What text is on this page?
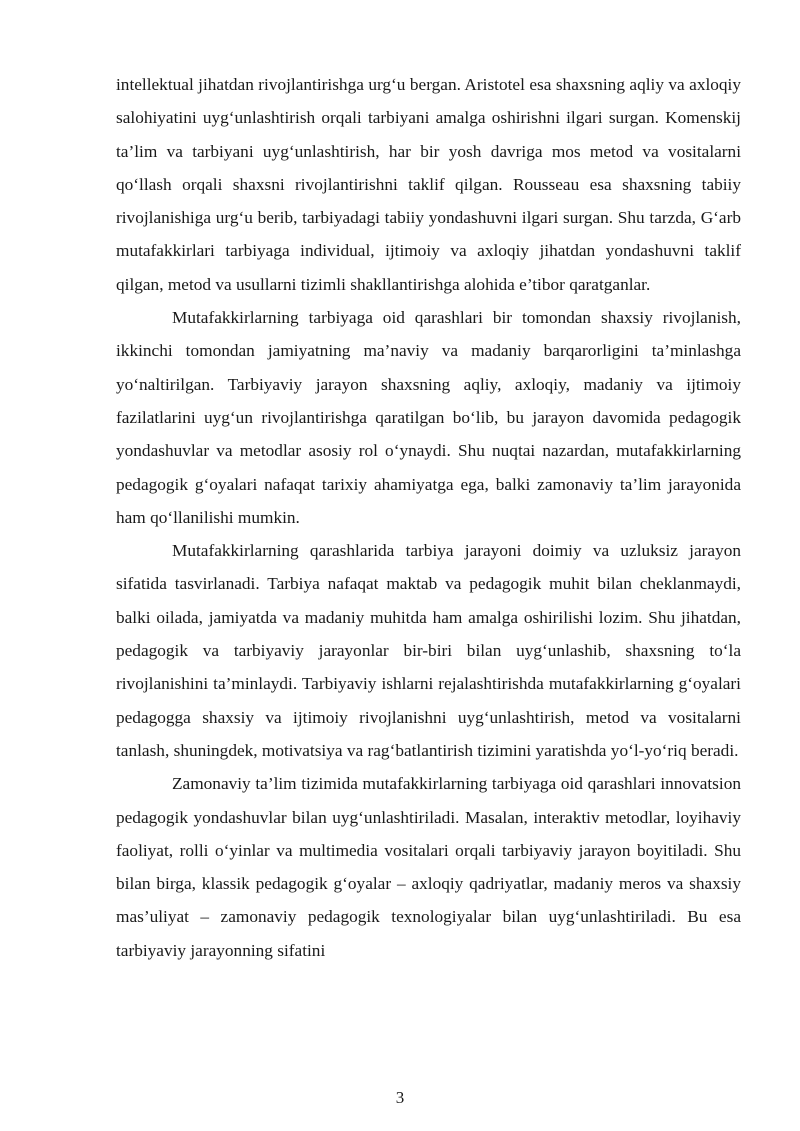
intellektual jihatdan rivojlantirishga urg‘u bergan. Aristotel esa shaxsning aqliy va axloqiy salohiyatini uyg‘unlashtirish orqali tarbiyani amalga oshirishni ilgari surgan. Komenskij ta’lim va tarbiyani uyg‘unlashtirish, har bir yosh davriga mos metod va vositalarni qo‘llash orqali shaxsni rivojlantirishni taklif qilgan. Rousseau esa shaxsning tabiiy rivojlanishiga urg‘u berib, tarbiyadagi tabiiy yondashuvni ilgari surgan. Shu tarzda, G‘arb mutafakkirlari tarbiyaga individual, ijtimoiy va axloqiy jihatdan yondashuvni taklif qilgan, metod va usullarni tizimli shakllantirishga alohida e’tibor qaratganlar.

Mutafakkirlarning tarbiyaga oid qarashlari bir tomondan shaxsiy rivojlanish, ikkinchi tomondan jamiyatning ma’naviy va madaniy barqarorligini ta’minlashga yo‘naltirilgan. Tarbiyaviy jarayon shaxsning aqliy, axloqiy, madaniy va ijtimoiy fazilatlarini uyg‘un rivojlantirishga qaratilgan bo‘lib, bu jarayon davomida pedagogik yondashuvlar va metodlar asosiy rol o‘ynaydi. Shu nuqtai nazardan, mutafakkirlarning pedagogik g‘oyalari nafaqat tarixiy ahamiyatga ega, balki zamonaviy ta’lim jarayonida ham qo‘llanilishi mumkin.

Mutafakkirlarning qarashlarida tarbiya jarayoni doimiy va uzluksiz jarayon sifatida tasvirlanadi. Tarbiya nafaqat maktab va pedagogik muhit bilan cheklanmaydi, balki oilada, jamiyatda va madaniy muhitda ham amalga oshirilishi lozim. Shu jihatdan, pedagogik va tarbiyaviy jarayonlar bir-biri bilan uyg‘unlashib, shaxsning to‘la rivojlanishini ta’minlaydi. Tarbiyaviy ishlarni rejalashtirishda mutafakkirlarning g‘oyalari pedagogga shaxsiy va ijtimoiy rivojlanishni uyg‘unlashtirish, metod va vositalarni tanlash, shuningdek, motivatsiya va rag‘batlantirish tizimini yaratishda yo‘l-yo‘riq beradi.

Zamonaviy ta’lim tizimida mutafakkirlarning tarbiyaga oid qarashlari innovatsion pedagogik yondashuvlar bilan uyg‘unlashtiriladi. Masalan, interaktiv metodlar, loyihaviy faoliyat, rolli o‘yinlar va multimedia vositalari orqali tarbiyaviy jarayon boyitiladi. Shu bilan birga, klassik pedagogik g‘oyalar – axloqiy qadriyatlar, madaniy meros va shaxsiy mas’uliyat – zamonaviy pedagogik texnologiyalar bilan uyg‘unlashtiriladi. Bu esa tarbiyaviy jarayonning sifatini

3
